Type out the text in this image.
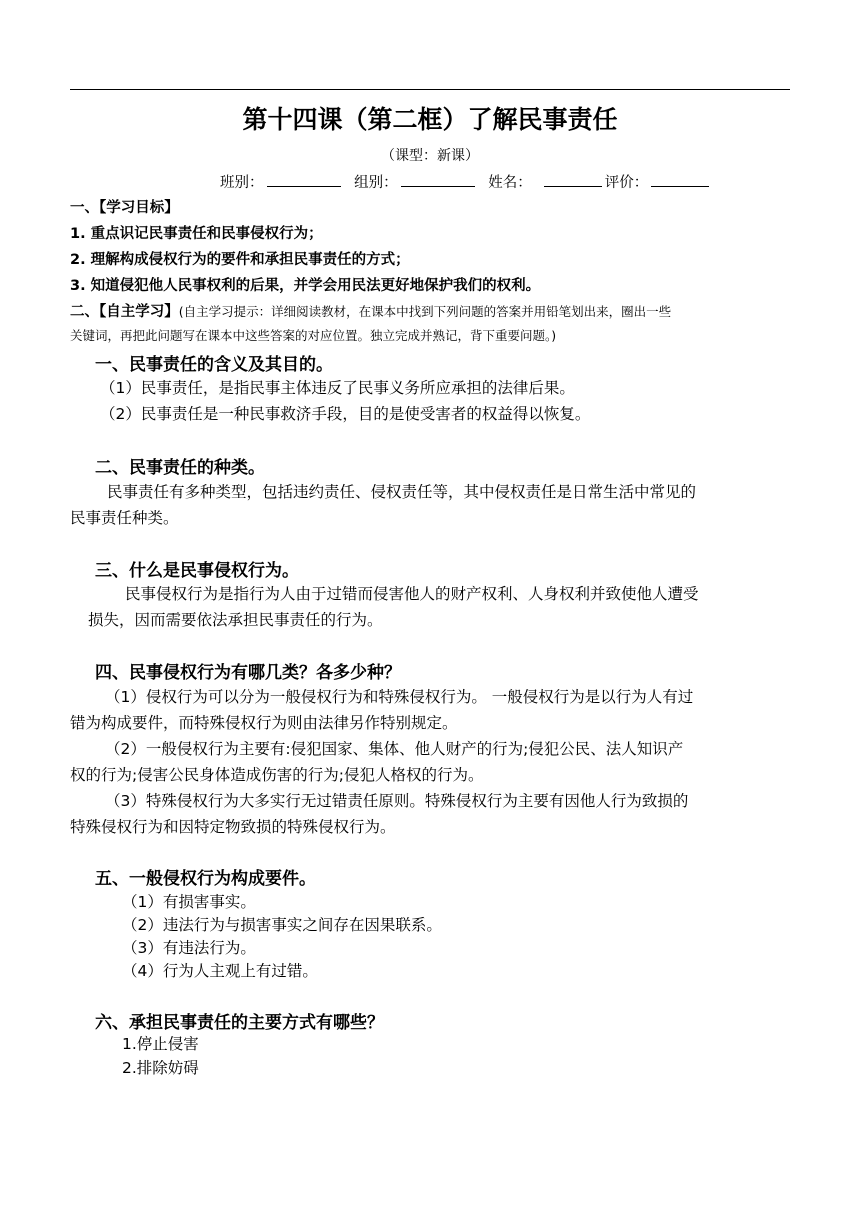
第十四课（第二框）了解民事责任
（课型：新课）
班别：	组别：	姓名：	评价：
一、【学习目标】
1. 重点识记民事责任和民事侵权行为；
2. 理解构成侵权行为的要件和承担民事责任的方式；
3. 知道侵犯他人民事权利的后果，并学会用民法更好地保护我们的权利。
二、【自主学习】(自主学习提示：详细阅读教材，在课本中找到下列问题的答案并用铅笔划出来，圈出一些
关键词，再把此问题写在课本中这些答案的对应位置。独立完成并熟记，背下重要问题。)
一、民事责任的含义及其目的。
（1）民事责任，是指民事主体违反了民事义务所应承担的法律后果。
（2）民事责任是一种民事救济手段，目的是使受害者的权益得以恢复。
二、民事责任的种类。
民事责任有多种类型，包括违约责任、侵权责任等，其中侵权责任是日常生活中常见的
民事责任种类。
三、什么是民事侵权行为。
民事侵权行为是指行为人由于过错而侵害他人的财产权利、人身权利并致使他人遭受
损失，因而需要依法承担民事责任的行为。
四、民事侵权行为有哪几类？各多少种？
（1）侵权行为可以分为一般侵权行为和特殊侵权行为。 一般侵权行为是以行为人有过
错为构成要件，而特殊侵权行为则由法律另作特别规定。
（2）一般侵权行为主要有:侵犯国家、集体、他人财产的行为;侵犯公民、法人知识产
权的行为;侵害公民身体造成伤害的行为;侵犯人格权的行为。
（3）特殊侵权行为大多实行无过错责任原则。特殊侵权行为主要有因他人行为致损的
特殊侵权行为和因特定物致损的特殊侵权行为。
五、一般侵权行为构成要件。
（1）有损害事实。
（2）违法行为与损害事实之间存在因果联系。
（3）有违法行为。
（4）行为人主观上有过错。
六、承担民事责任的主要方式有哪些？
1.停止侵害
2.排除妨碍
